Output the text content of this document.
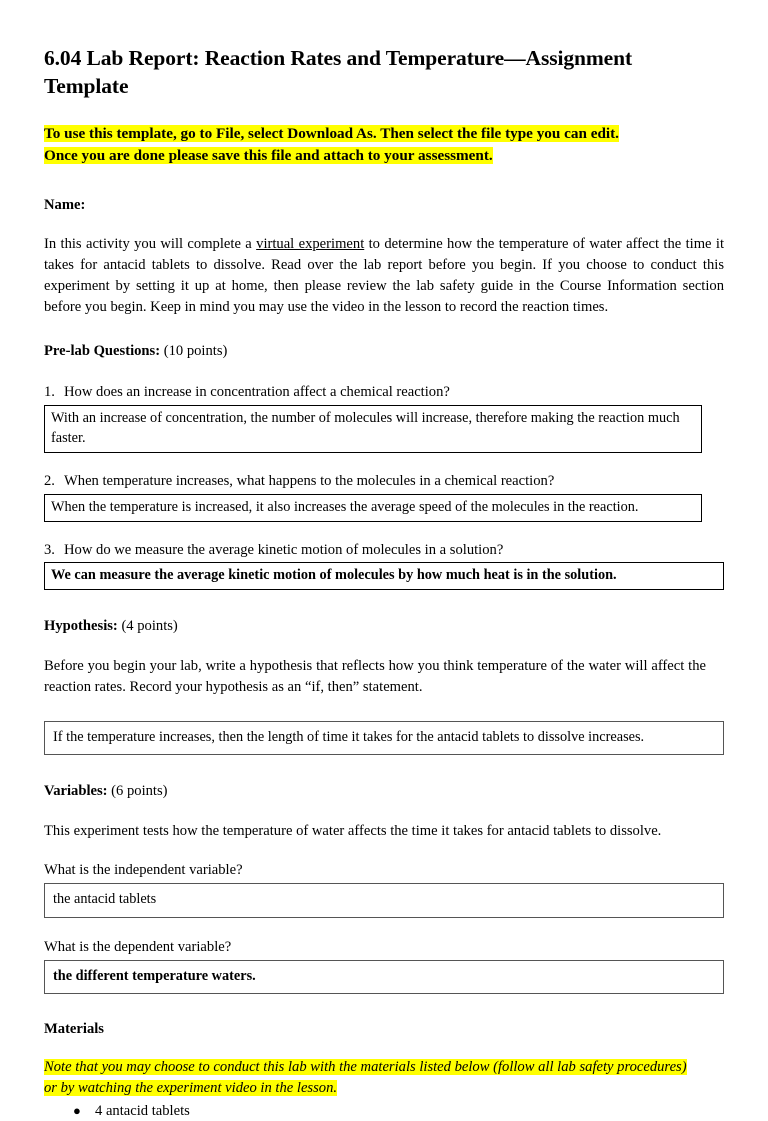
6.04 Lab Report: Reaction Rates and Temperature—Assignment Template
To use this template, go to File, select Download As. Then select the file type you can edit.
Once you are done please save this file and attach to your assessment.
Name:
In this activity you will complete a virtual experiment to determine how the temperature of water affect the time it takes for antacid tablets to dissolve. Read over the lab report before you begin. If you choose to conduct this experiment by setting it up at home, then please review the lab safety guide in the Course Information section before you begin. Keep in mind you may use the video in the lesson to record the reaction times.
Pre-lab Questions: (10 points)
1. How does an increase in concentration affect a chemical reaction?
With an increase of concentration, the number of molecules will increase, therefore making the reaction much faster.
2. When temperature increases, what happens to the molecules in a chemical reaction?
When the temperature is increased, it also increases the average speed of the molecules in the reaction.
3. How do we measure the average kinetic motion of molecules in a solution?
We can measure the average kinetic motion of molecules by how much heat is in the solution.
Hypothesis: (4 points)
Before you begin your lab, write a hypothesis that reflects how you think temperature of the water will affect the reaction rates. Record your hypothesis as an “if, then” statement.
If the temperature increases, then the length of time it takes for the antacid tablets to dissolve increases.
Variables: (6 points)
This experiment tests how the temperature of water affects the time it takes for antacid tablets to dissolve.
What is the independent variable?
the antacid tablets
What is the dependent variable?
the different temperature waters.
Materials
Note that you may choose to conduct this lab with the materials listed below (follow all lab safety procedures)
or by watching the experiment video in the lesson.
● 4 antacid tablets
